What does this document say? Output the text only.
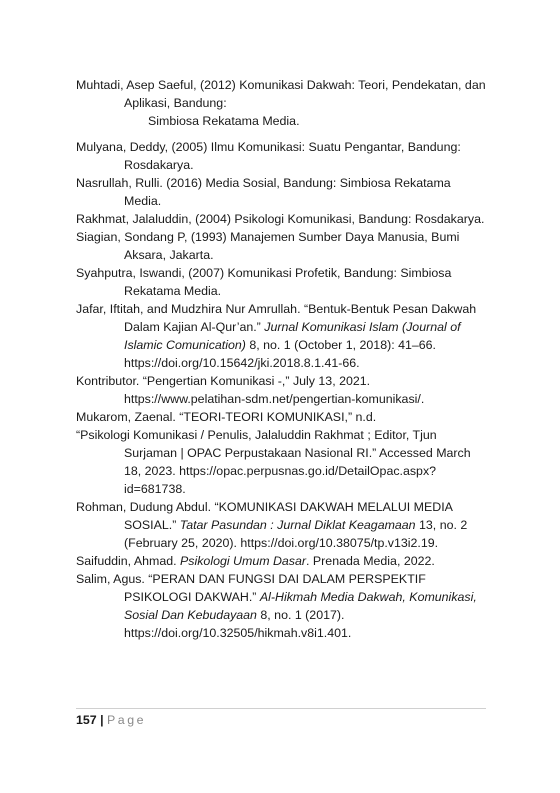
Muhtadi, Asep Saeful, (2012) Komunikasi Dakwah: Teori, Pendekatan, dan Aplikasi, Bandung:
Simbiosa Rekatama Media.

Mulyana, Deddy, (2005) Ilmu Komunikasi: Suatu Pengantar, Bandung: Rosdakarya.

Nasrullah, Rulli. (2016) Media Sosial, Bandung: Simbiosa Rekatama Media.

Rakhmat, Jalaluddin, (2004) Psikologi Komunikasi, Bandung: Rosdakarya.

Siagian, Sondang P, (1993) Manajemen Sumber Daya Manusia, Bumi Aksara, Jakarta.

Syahputra, Iswandi, (2007) Komunikasi Profetik, Bandung: Simbiosa Rekatama Media.

Jafar, Iftitah, and Mudzhira Nur Amrullah. “Bentuk-Bentuk Pesan Dakwah Dalam Kajian Al-Qur’an.” Jurnal Komunikasi Islam (Journal of Islamic Comunication) 8, no. 1 (October 1, 2018): 41–66. https://doi.org/10.15642/jki.2018.8.1.41-66.

Kontributor. “Pengertian Komunikasi -,” July 13, 2021. https://www.pelatihan-sdm.net/pengertian-komunikasi/.

Mukarom, Zaenal. “TEORI-TEORI KOMUNIKASI,” n.d.

“Psikologi Komunikasi / Penulis, Jalaluddin Rakhmat ; Editor, Tjun Surjaman | OPAC Perpustakaan Nasional RI.” Accessed March 18, 2023. https://opac.perpusnas.go.id/DetailOpac.aspx?id=681738.

Rohman, Dudung Abdul. “KOMUNIKASI DAKWAH MELALUI MEDIA SOSIAL.” Tatar Pasundan : Jurnal Diklat Keagamaan 13, no. 2 (February 25, 2020). https://doi.org/10.38075/tp.v13i2.19.

Saifuddin, Ahmad. Psikologi Umum Dasar. Prenada Media, 2022.

Salim, Agus. “PERAN DAN FUNGSI DAI DALAM PERSPEKTIF PSIKOLOGI DAKWAH.” Al-Hikmah Media Dakwah, Komunikasi, Sosial Dan Kebudayaan 8, no. 1 (2017). https://doi.org/10.32505/hikmah.v8i1.401.

157 | Page
